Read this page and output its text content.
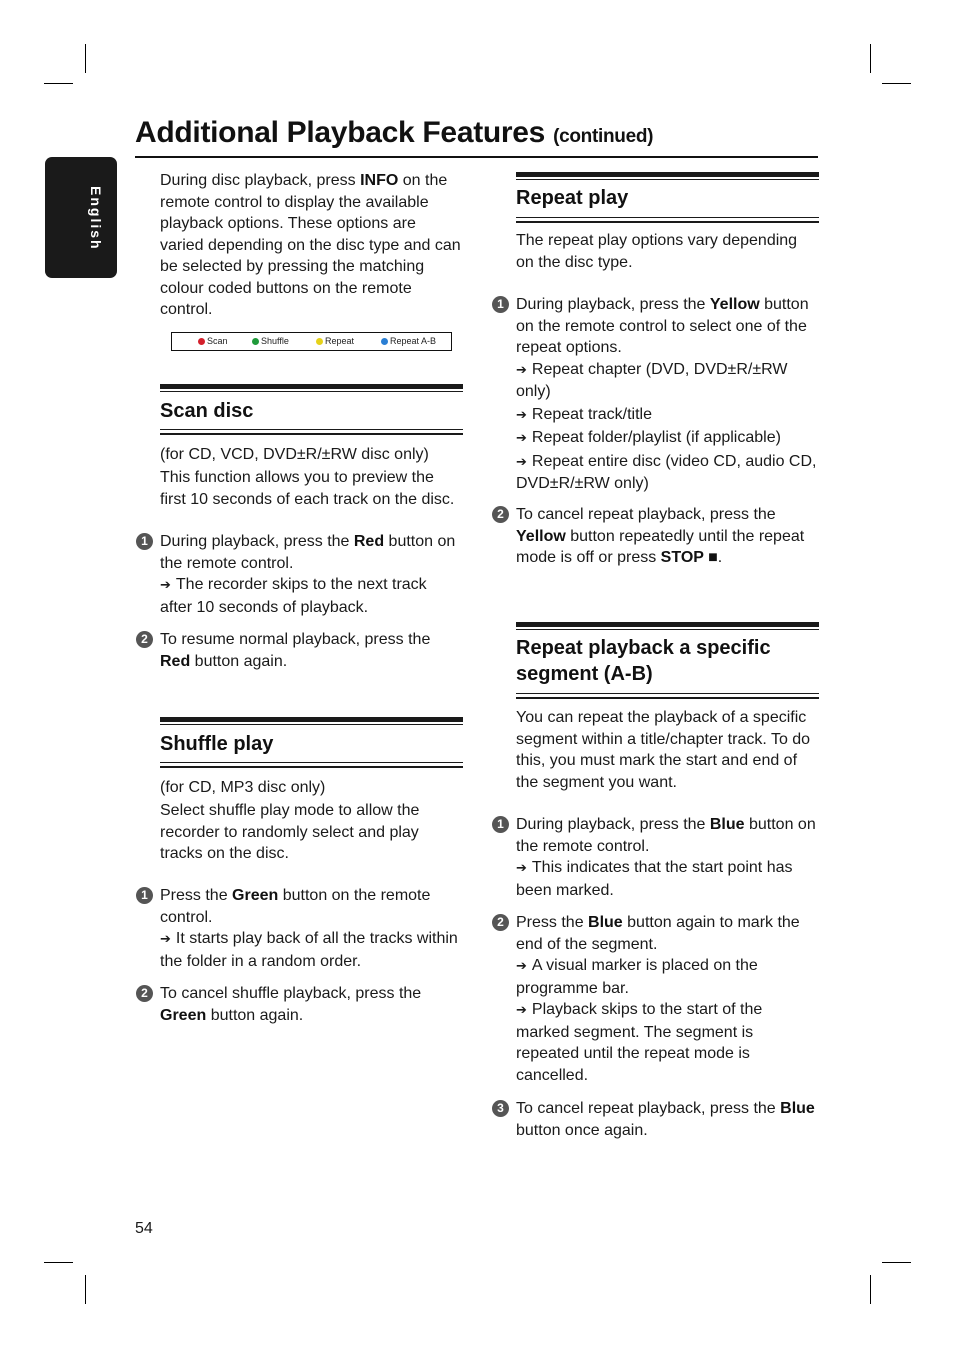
Additional Playback Features (continued)
English

During disc playback, press INFO on the remote control to display the available playback options. These options are varied depending on the disc type and can be selected by pressing the matching colour coded buttons on the remote control.

Scan	Shuffle	Repeat	Repeat A-B
Scan disc

(for CD, VCD, DVD±R/±RW disc only)

This function allows you to preview the first 10 seconds of each track on the disc.

1 During playback, press the Red button on the remote control.
➔ The recorder skips to the next track after 10 seconds of playback.

2 To resume normal playback, press the Red button again.

Shuffle play

(for CD, MP3 disc only)

Select shuffle play mode to allow the recorder to randomly select and play tracks on the disc.

1 Press the Green button on the remote control.
➔ It starts play back of all the tracks within the folder in a random order.

2 To cancel shuffle playback, press the Green button again.

Repeat play

The repeat play options vary depending on the disc type.

1 During playback, press the Yellow button on the remote control to select one of the repeat options.
➔ Repeat chapter (DVD, DVD±R/±RW only)

➔ Repeat track/title

➔ Repeat folder/playlist (if applicable)

➔ Repeat entire disc (video CD, audio CD, DVD±R/±RW only)

2 To cancel repeat playback, press the Yellow button repeatedly until the repeat mode is off or press STOP ■.

Repeat playback a specific segment (A-B)

You can repeat the playback of a specific segment within a title/chapter track. To do this, you must mark the start and end of the segment you want.

1 During playback, press the Blue button on the remote control.
➔ This indicates that the start point has been marked.

2 Press the Blue button again to mark the end of the segment.
➔ A visual marker is placed on the programme bar.
➔ Playback skips to the start of the marked segment. The segment is repeated until the repeat mode is cancelled.

3 To cancel repeat playback, press the Blue button once again.

54
